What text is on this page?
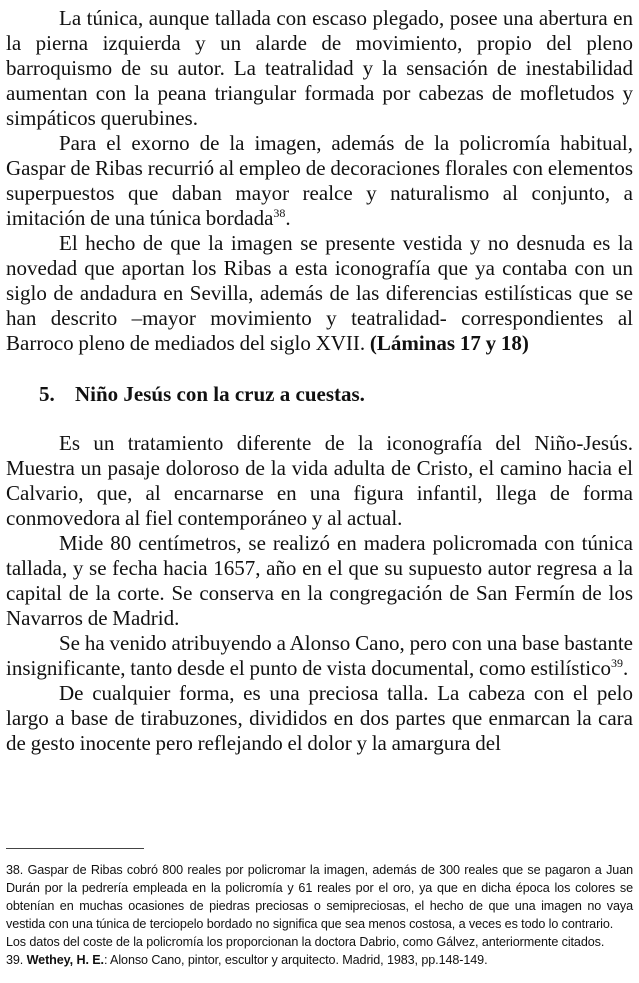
La túnica, aunque tallada con escaso plegado, posee una abertura en la pierna izquierda y un alarde de movimiento, propio del pleno barroquismo de su autor. La teatralidad y la sensación de inestabilidad aumentan con la peana triangular formada por cabezas de mofletudos y simpáticos querubines.

Para el exorno de la imagen, además de la policromía habitual, Gaspar de Ribas recurrió al empleo de decoraciones florales con elementos superpuestos que daban mayor realce y naturalismo al conjunto, a imitación de una túnica bordada$^{38}$.

El hecho de que la imagen se presente vestida y no desnuda es la novedad que aportan los Ribas a esta iconografía que ya contaba con un siglo de andadura en Sevilla, además de las diferencias estilísticas que se han descrito –mayor movimiento y teatralidad- correspondientes al Barroco pleno de mediados del siglo XVII. (Láminas 17 y 18)

5. Niño Jesús con la cruz a cuestas.

Es un tratamiento diferente de la iconografía del Niño-Jesús. Muestra un pasaje doloroso de la vida adulta de Cristo, el camino hacia el Calvario, que, al encarnarse en una figura infantil, llega de forma conmovedora al fiel contemporáneo y al actual.

Mide 80 centímetros, se realizó en madera policromada con túnica tallada, y se fecha hacia 1657, año en el que su supuesto autor regresa a la capital de la corte. Se conserva en la congregación de San Fermín de los Navarros de Madrid.

Se ha venido atribuyendo a Alonso Cano, pero con una base bastante insignificante, tanto desde el punto de vista documental, como estilístico$^{39}$.

De cualquier forma, es una preciosa talla. La cabeza con el pelo largo a base de tirabuzones, divididos en dos partes que enmarcan la cara de gesto inocente pero reflejando el dolor y la amargura del

38. Gaspar de Ribas cobró 800 reales por policromar la imagen, además de 300 reales que se pagaron a Juan Durán por la pedrería empleada en la policromía y 61 reales por el oro, ya que en dicha época los colores se obtenían en muchas ocasiones de piedras preciosas o semipreciosas, el hecho de que una imagen no vaya vestida con una túnica de terciopelo bordado no significa que sea menos costosa, a veces es todo lo contrario.

Los datos del coste de la policromía los proporcionan la doctora Dabrio, como Gálvez, anteriormente citados.

39. Wethey, H. E.: Alonso Cano, pintor, escultor y arquitecto. Madrid, 1983, pp.148-149.
